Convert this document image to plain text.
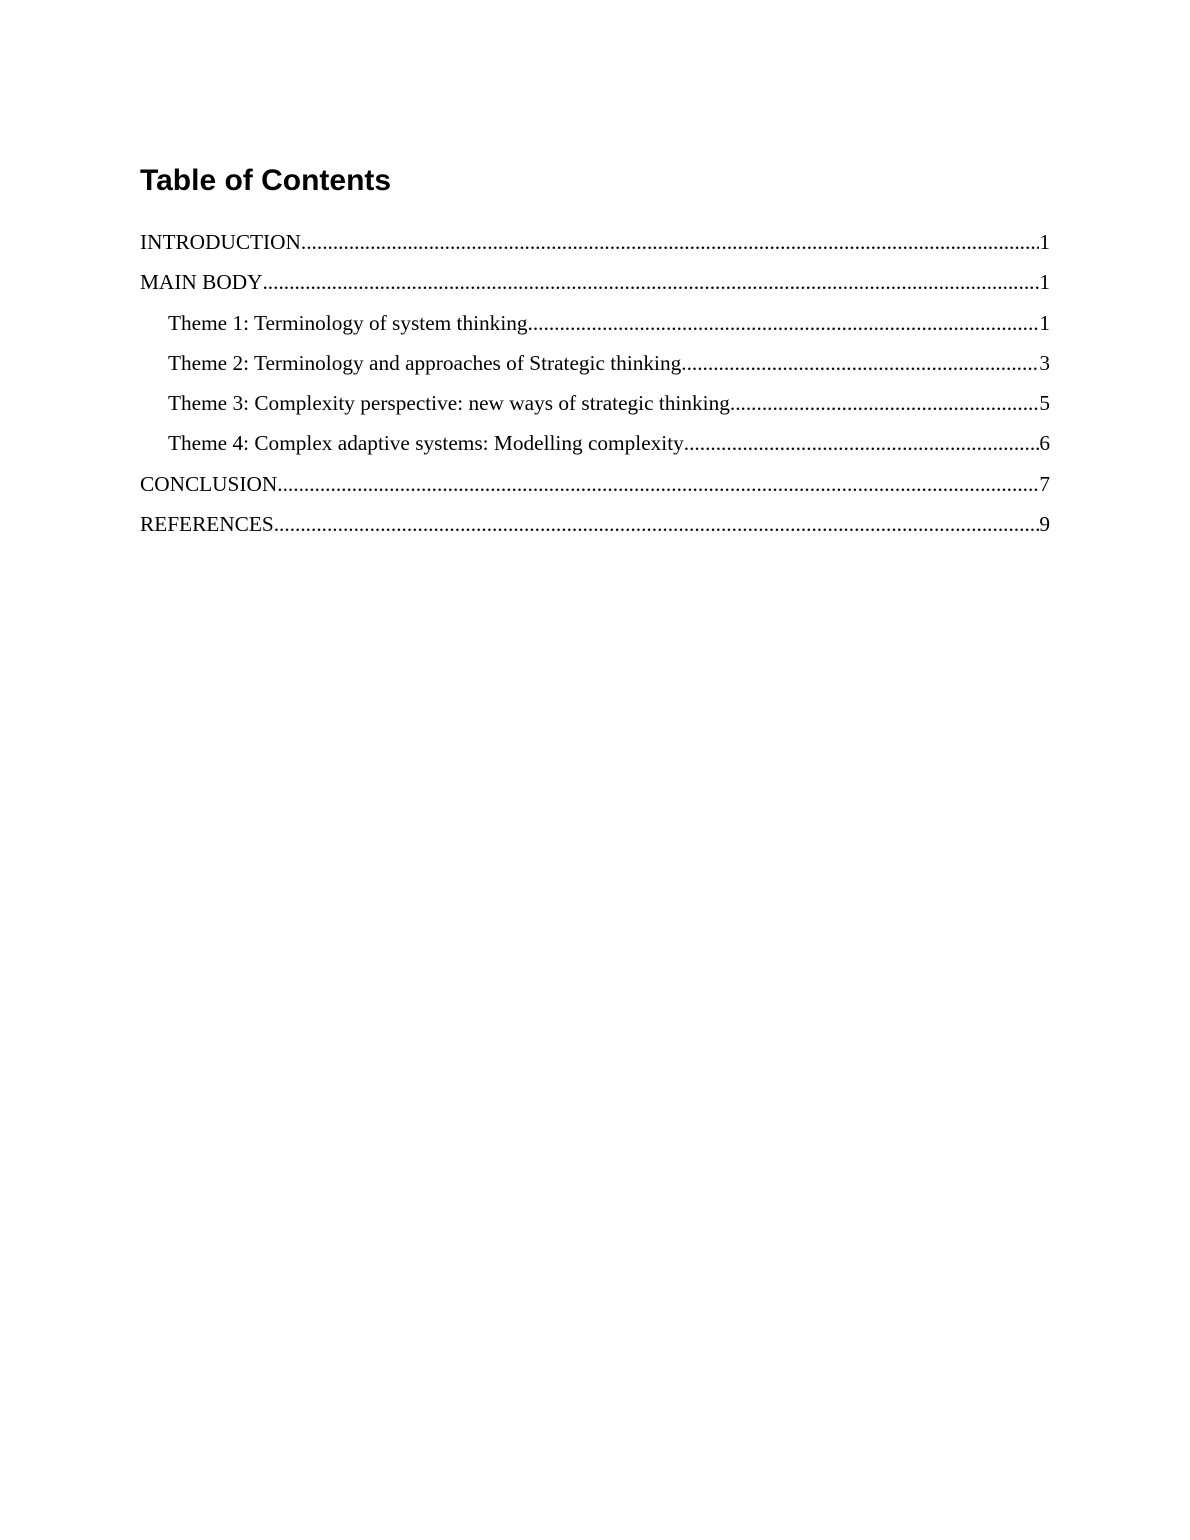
Table of Contents
INTRODUCTION .....	1
MAIN BODY .....	1
Theme 1: Terminology of system thinking .....	1
Theme 2: Terminology and approaches of Strategic thinking .....	3
Theme 3: Complexity perspective: new ways of strategic thinking .....	5
Theme 4: Complex adaptive systems: Modelling complexity .....	6
CONCLUSION .....	7
REFERENCES .....	9
